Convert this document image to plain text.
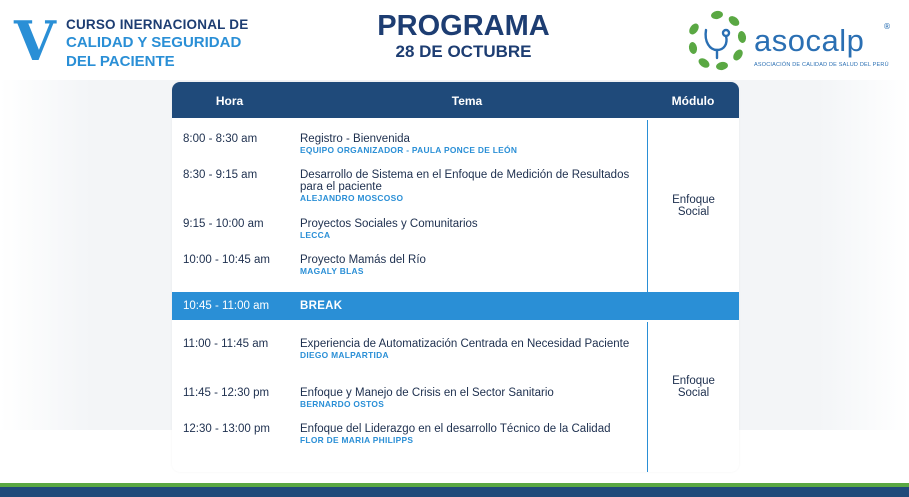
V CURSO INERNACIONAL DE
CALIDAD Y SEGURIDAD
DEL PACIENTE
PROGRAMA
28 DE OCTUBRE	asocalp ®
ASOCIACIÓN DE CALIDAD DE SALUD DEL PERÚ
Hora	Tema	Módulo
8:00 - 8:30 am	Registro - Bienvenida
EQUIPO ORGANIZADOR - PAULA PONCE DE LEÓN
8:30 - 9:15 am	Desarrollo de Sistema en el Enfoque de Medición de Resultados para el paciente
ALEJANDRO MOSCOSO
9:15 - 10:00 am	Proyectos Sociales y Comunitarios
LECCA
10:00 - 10:45 am	Proyecto Mamás del Río
MAGALY BLAS
Enfoque
Social
10:45 - 11:00 am	BREAK
11:00 - 11:45 am	Experiencia de Automatización Centrada en Necesidad Paciente
DIEGO MALPARTIDA
11:45 - 12:30 pm	Enfoque y Manejo de Crisis en el Sector Sanitario
BERNARDO OSTOS
12:30 - 13:00 pm	Enfoque del Liderazgo en el desarrollo Técnico de la Calidad
FLOR DE MARIA PHILIPPS
Enfoque
Social
